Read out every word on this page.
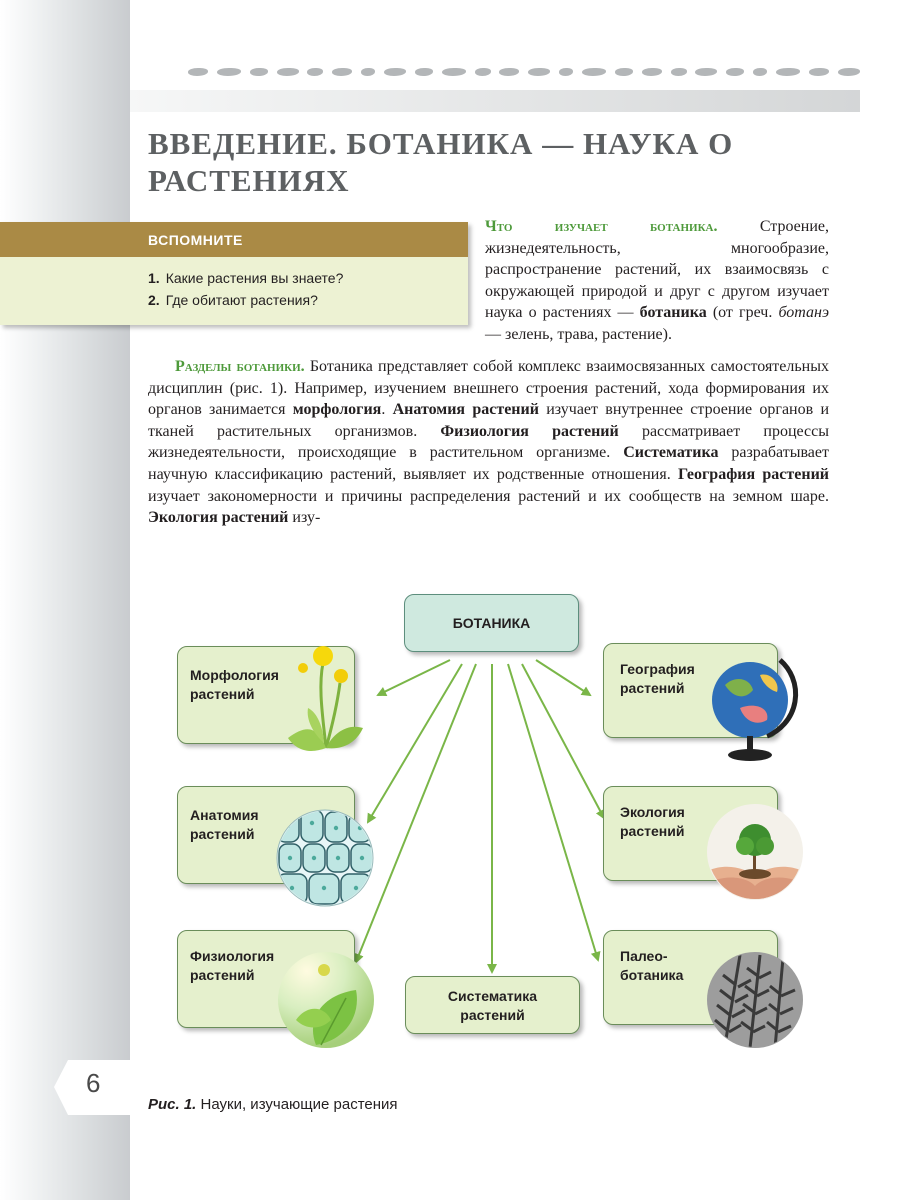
ВВЕДЕНИЕ. БОТАНИКА — НАУКА О РАСТЕНИЯХ
ВСПОМНИТЕ
1. Какие растения вы знаете?
2. Где обитают растения?

Что изучает ботаника. Строение, жизнедеятельность, многообразие, распространение растений, их взаимосвязь с окружающей природой и друг с другом изучает наука о растениях — ботаника (от греч. ботанэ — зелень, трава, растение).

Разделы ботаники. Ботаника представляет собой комплекс взаимосвязанных самостоятельных дисциплин (рис. 1). Например, изучением внешнего строения растений, хода формирования их органов занимается морфология. Анатомия растений изучает внутреннее строение органов и тканей растительных организмов. Физиология растений рассматривает процессы жизнедеятельности, происходящие в растительном организме. Систематика разрабатывает научную классификацию растений, выявляет их родственные отношения. География растений изучает закономерности и причины распределения растений и их сообществ на земном шаре. Экология растений изу-

БОТАНИКА
Морфология растений
Анатомия растений
Физиология растений
Систематика растений
География растений
Экология растений
Палео- ботаника
Рис. 1. Науки, изучающие растения
6
